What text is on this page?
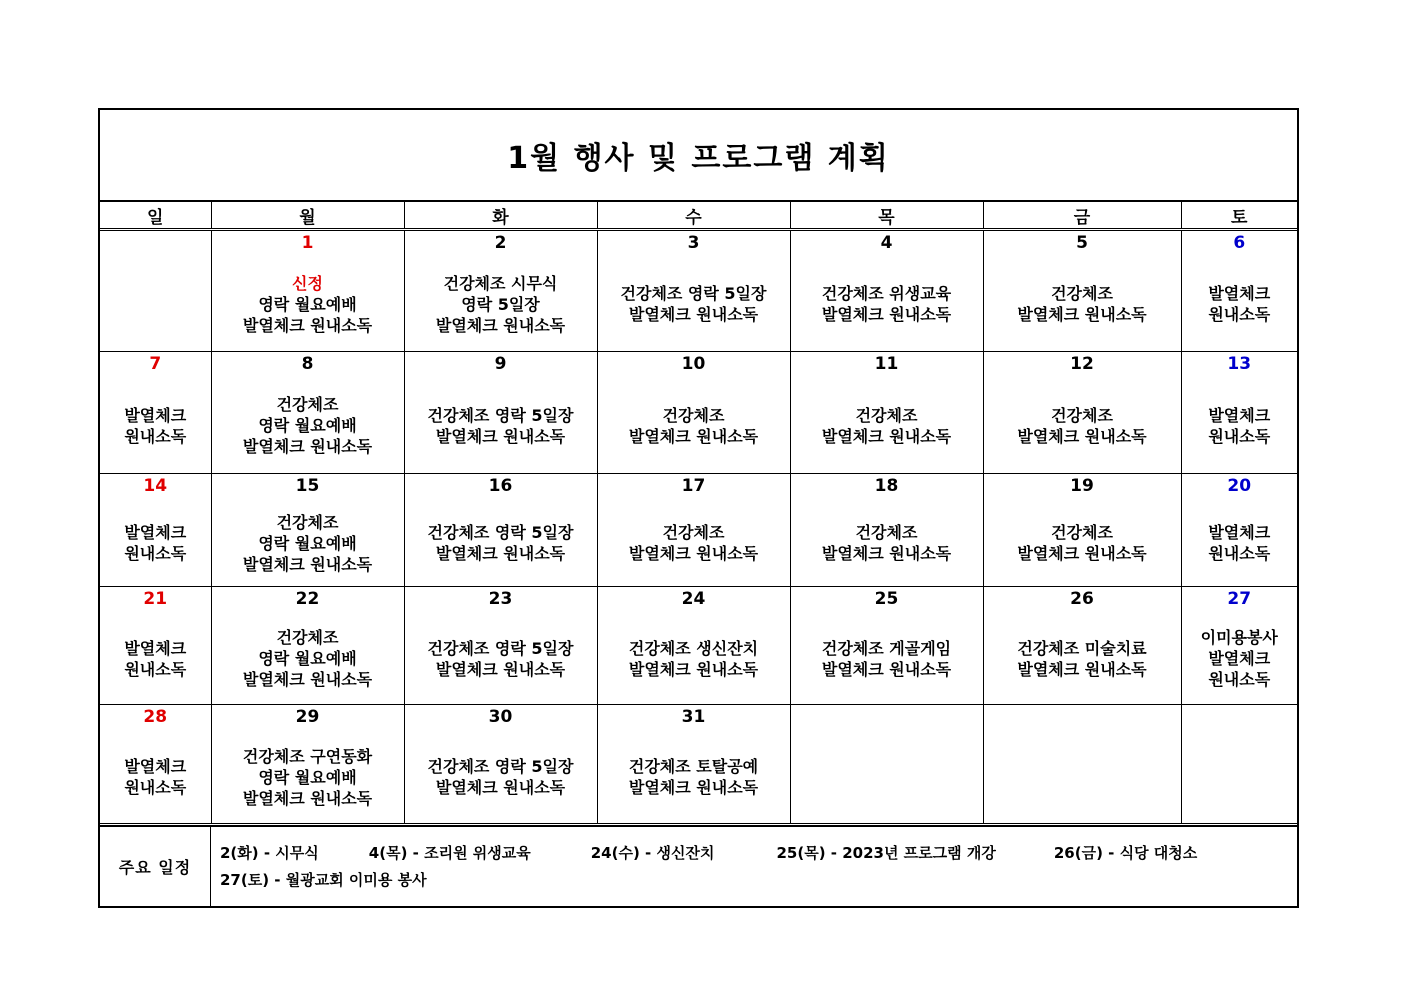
1월 행사 및 프로그램 계획
일	월	화	수	목	금	토

	1
신정
영락 월요예배
발열체크 원내소독	2
건강체조 시무식
영락 5일장
발열체크 원내소독	3
건강체조 영락 5일장
발열체크 원내소독	4
건강체조 위생교육
발열체크 원내소독	5
건강체조
발열체크 원내소독	6
발열체크
원내소독

7
발열체크
원내소독	8
건강체조
영락 월요예배
발열체크 원내소독	9
건강체조 영락 5일장
발열체크 원내소독	10
건강체조
발열체크 원내소독	11
건강체조
발열체크 원내소독	12
건강체조
발열체크 원내소독	13
발열체크
원내소독

14
발열체크
원내소독	15
건강체조
영락 월요예배
발열체크 원내소독	16
건강체조 영락 5일장
발열체크 원내소독	17
건강체조
발열체크 원내소독	18
건강체조
발열체크 원내소독	19
건강체조
발열체크 원내소독	20
발열체크
원내소독

21
발열체크
원내소독	22
건강체조
영락 월요예배
발열체크 원내소독	23
건강체조 영락 5일장
발열체크 원내소독	24
건강체조 생신잔치
발열체크 원내소독	25
건강체조 게골게임
발열체크 원내소독	26
건강체조 미술치료
발열체크 원내소독	27
이미용봉사
발열체크
원내소독

28
발열체크
원내소독	29
건강체조 구연동화
영락 월요예배
발열체크 원내소독	30
건강체조 영락 5일장
발열체크 원내소독	31
건강체조 토탈공예
발열체크 원내소독			

주요 일정	
2(화) - 시무식	4(목) - 조리원 위생교육	24(수) - 생신잔치	25(목) - 2023년 프로그램 개강	26(금) - 식당 대청소
27(토) - 월광교회 이미용 봉사
